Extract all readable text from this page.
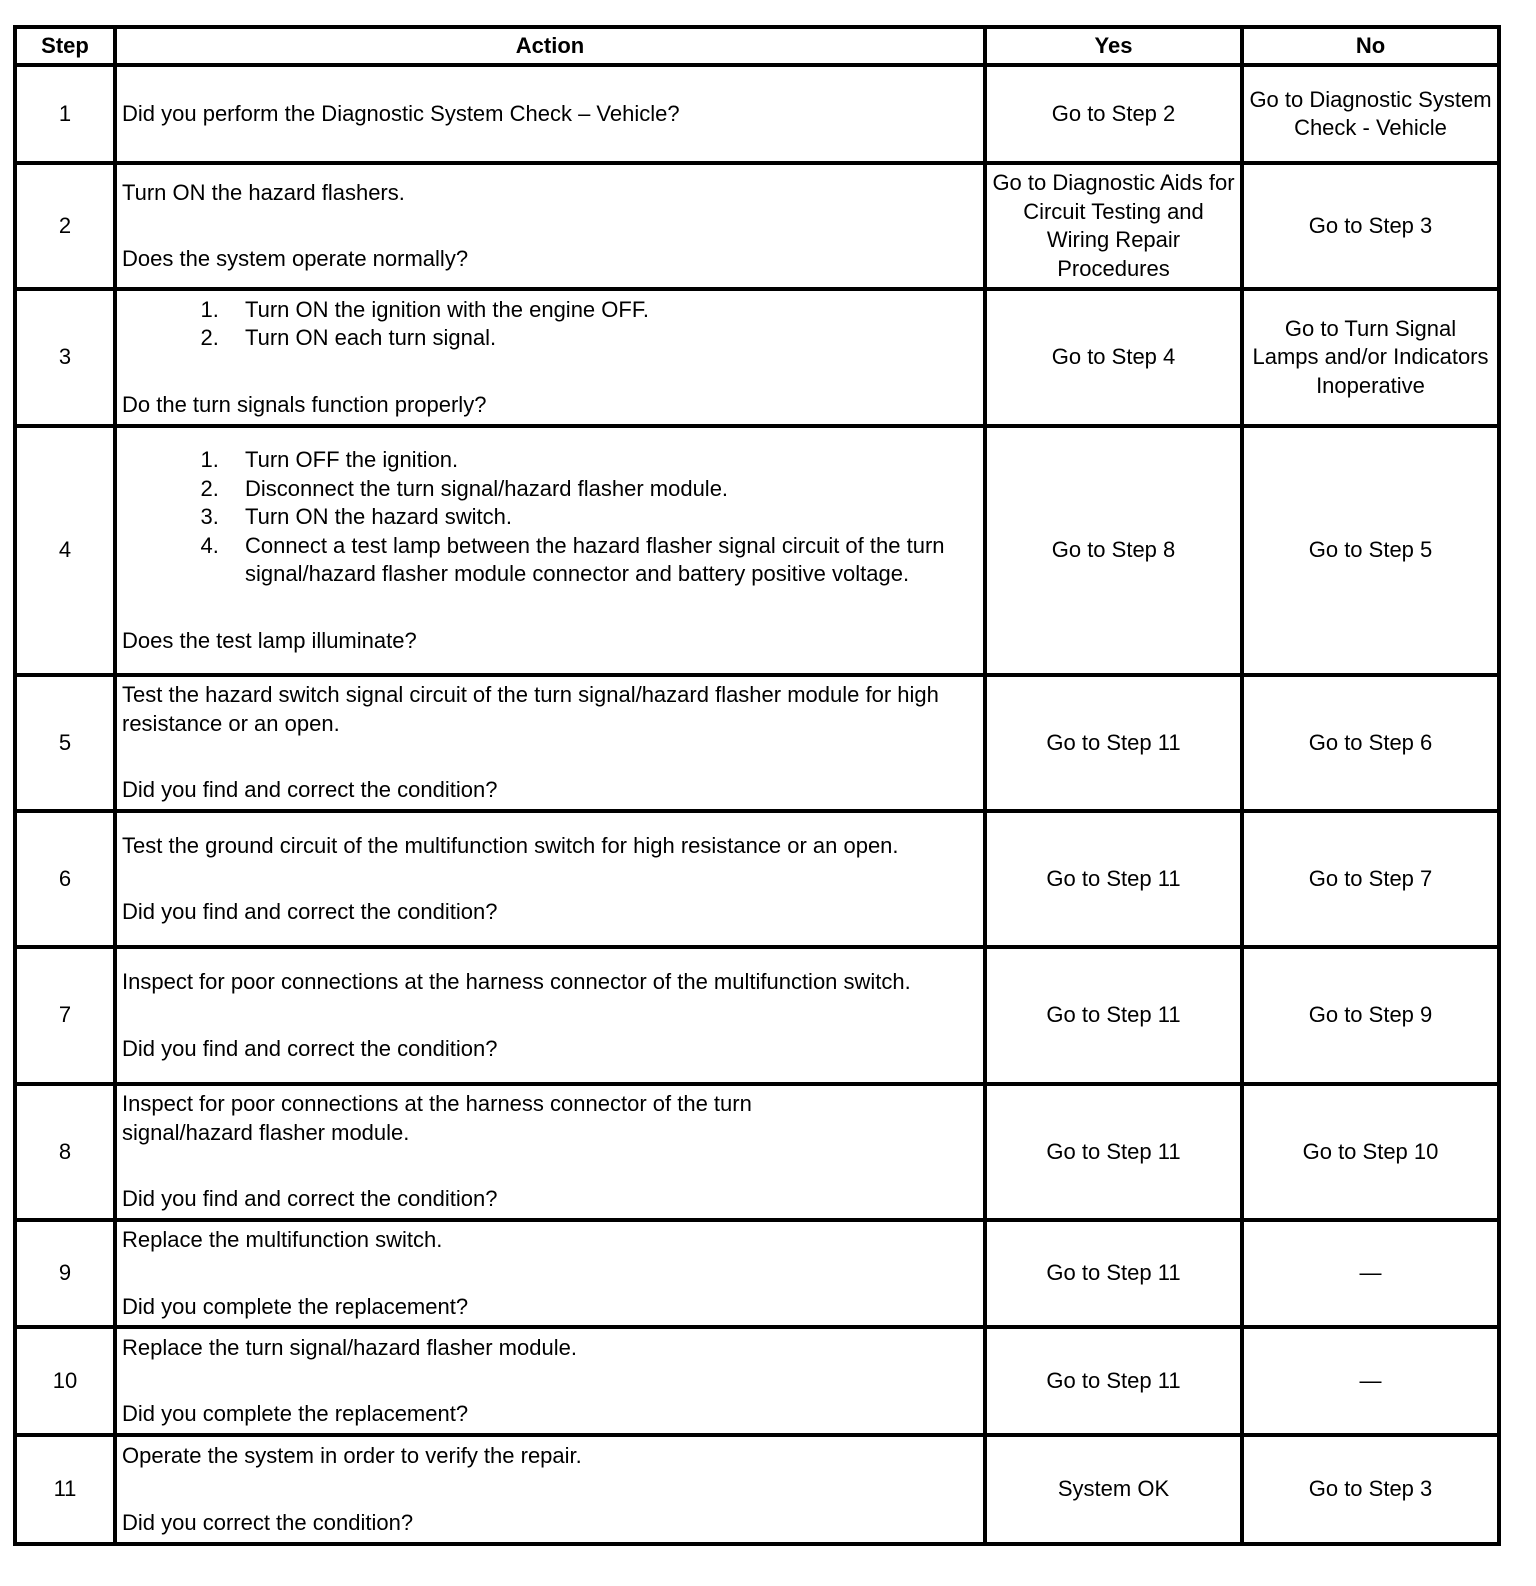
Step	Action	Yes	No
1	Did you perform the Diagnostic System Check – Vehicle?	Go to Step 2	Go to Diagnostic System Check - Vehicle
2	Turn ON the hazard flashers.
Does the system operate normally?	Go to Diagnostic Aids for Circuit Testing and Wiring Repair Procedures	Go to Step 3
3	
1. Turn ON the ignition with the engine OFF.
2. Turn ON each turn signal.
Do the turn signals function properly?
	Go to Step 4	Go to Turn Signal Lamps and/or Indicators Inoperative
4	
1. Turn OFF the ignition.
2. Disconnect the turn signal/hazard flasher module.
3. Turn ON the hazard switch.
4. Connect a test lamp between the hazard flasher signal circuit of the turn signal/hazard flasher module connector and battery positive voltage.
Does the test lamp illuminate?
	Go to Step 8	Go to Step 5
5	Test the hazard switch signal circuit of the turn signal/hazard flasher module for high resistance or an open.
Did you find and correct the condition?	Go to Step 11	Go to Step 6
6	Test the ground circuit of the multifunction switch for high resistance or an open.
Did you find and correct the condition?	Go to Step 11	Go to Step 7
7	Inspect for poor connections at the harness connector of the multifunction switch.
Did you find and correct the condition?	Go to Step 11	Go to Step 9
8	Inspect for poor connections at the harness connector of the turn signal/hazard flasher module.
Did you find and correct the condition?	Go to Step 11	Go to Step 10
9	Replace the multifunction switch.
Did you complete the replacement?	Go to Step 11	—
10	Replace the turn signal/hazard flasher module.
Did you complete the replacement?	Go to Step 11	—
11	Operate the system in order to verify the repair.
Did you correct the condition?	System OK	Go to Step 3
